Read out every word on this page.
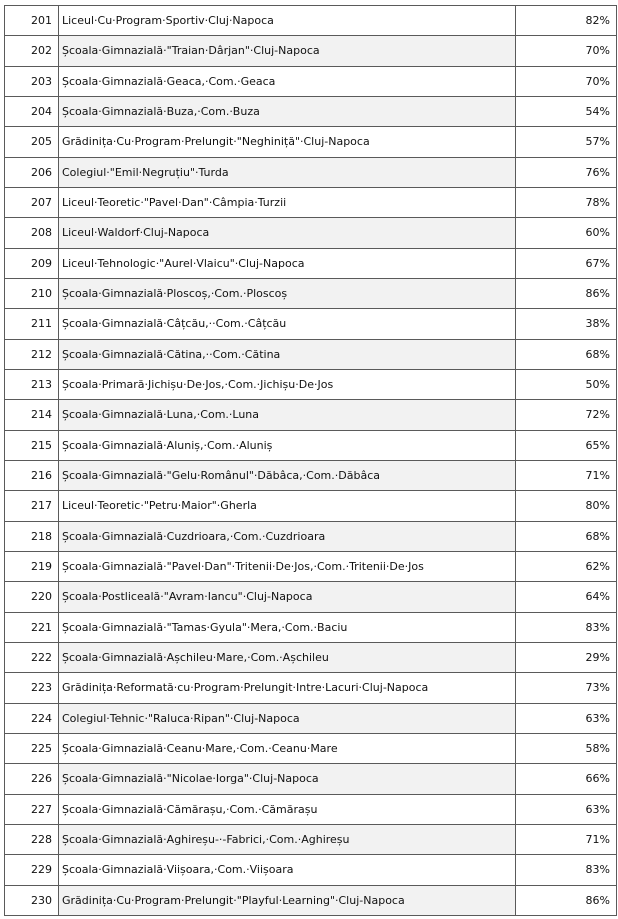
201	Liceul·Cu·Program·Sportiv·Cluj·Napoca	82%
202	Școala·Gimnazială·"Traian·Dârjan"·Cluj-Napoca	70%
203	Școala·Gimnazială·Geaca,·Com.·Geaca	70%
204	Școala·Gimnazială·Buza,·Com.·Buza	54%
205	Grădinița·Cu·Program·Prelungit·"Neghiniță"·Cluj-Napoca	57%
206	Colegiul·"Emil·Negruțiu"·Turda	76%
207	Liceul·Teoretic·"Pavel·Dan"·Câmpia·Turzii	78%
208	Liceul·Waldorf·Cluj-Napoca	60%
209	Liceul·Tehnologic·"Aurel·Vlaicu"·Cluj-Napoca	67%
210	Școala·Gimnazială·Ploscoș,·Com.·Ploscoș	86%
211	Școala·Gimnazială·Câțcău,··Com.·Câțcău	38%
212	Școala·Gimnazială·Cătina,··Com.·Cătina	68%
213	Școala·Primară·Jichișu·De·Jos,·Com.·Jichișu·De·Jos	50%
214	Școala·Gimnazială·Luna,·Com.·Luna	72%
215	Școala·Gimnazială·Aluniș,·Com.·Aluniș	65%
216	Școala·Gimnazială·"Gelu·Românul"·Dăbâca,·Com.·Dăbâca	71%
217	Liceul·Teoretic·"Petru·Maior"·Gherla	80%
218	Școala·Gimnazială·Cuzdrioara,·Com.·Cuzdrioara	68%
219	Școala·Gimnazială·"Pavel·Dan"·Tritenii·De·Jos,·Com.·Tritenii·De·Jos	62%
220	Școala·Postliceală·"Avram·Iancu"·Cluj-Napoca	64%
221	Școala·Gimnazială·"Tamas·Gyula"·Mera,·Com.·Baciu	83%
222	Școala·Gimnazială·Așchileu·Mare,·Com.·Așchileu	29%
223	Grădinița·Reformată·cu·Program·Prelungit·Intre·Lacuri·Cluj-Napoca	73%
224	Colegiul·Tehnic·"Raluca·Ripan"·Cluj-Napoca	63%
225	Școala·Gimnazială·Ceanu·Mare,·Com.·Ceanu·Mare	58%
226	Școala·Gimnazială·"Nicolae·Iorga"·Cluj-Napoca	66%
227	Școala·Gimnazială·Cămărașu,·Com.·Cămărașu	63%
228	Școala·Gimnazială·Aghireșu-·-Fabrici,·Com.·Aghireșu	71%
229	Școala·Gimnazială·Viișoara,·Com.·Viișoara	83%
230	Grădinița·Cu·Program·Prelungit·"Playful·Learning"·Cluj-Napoca	86%
